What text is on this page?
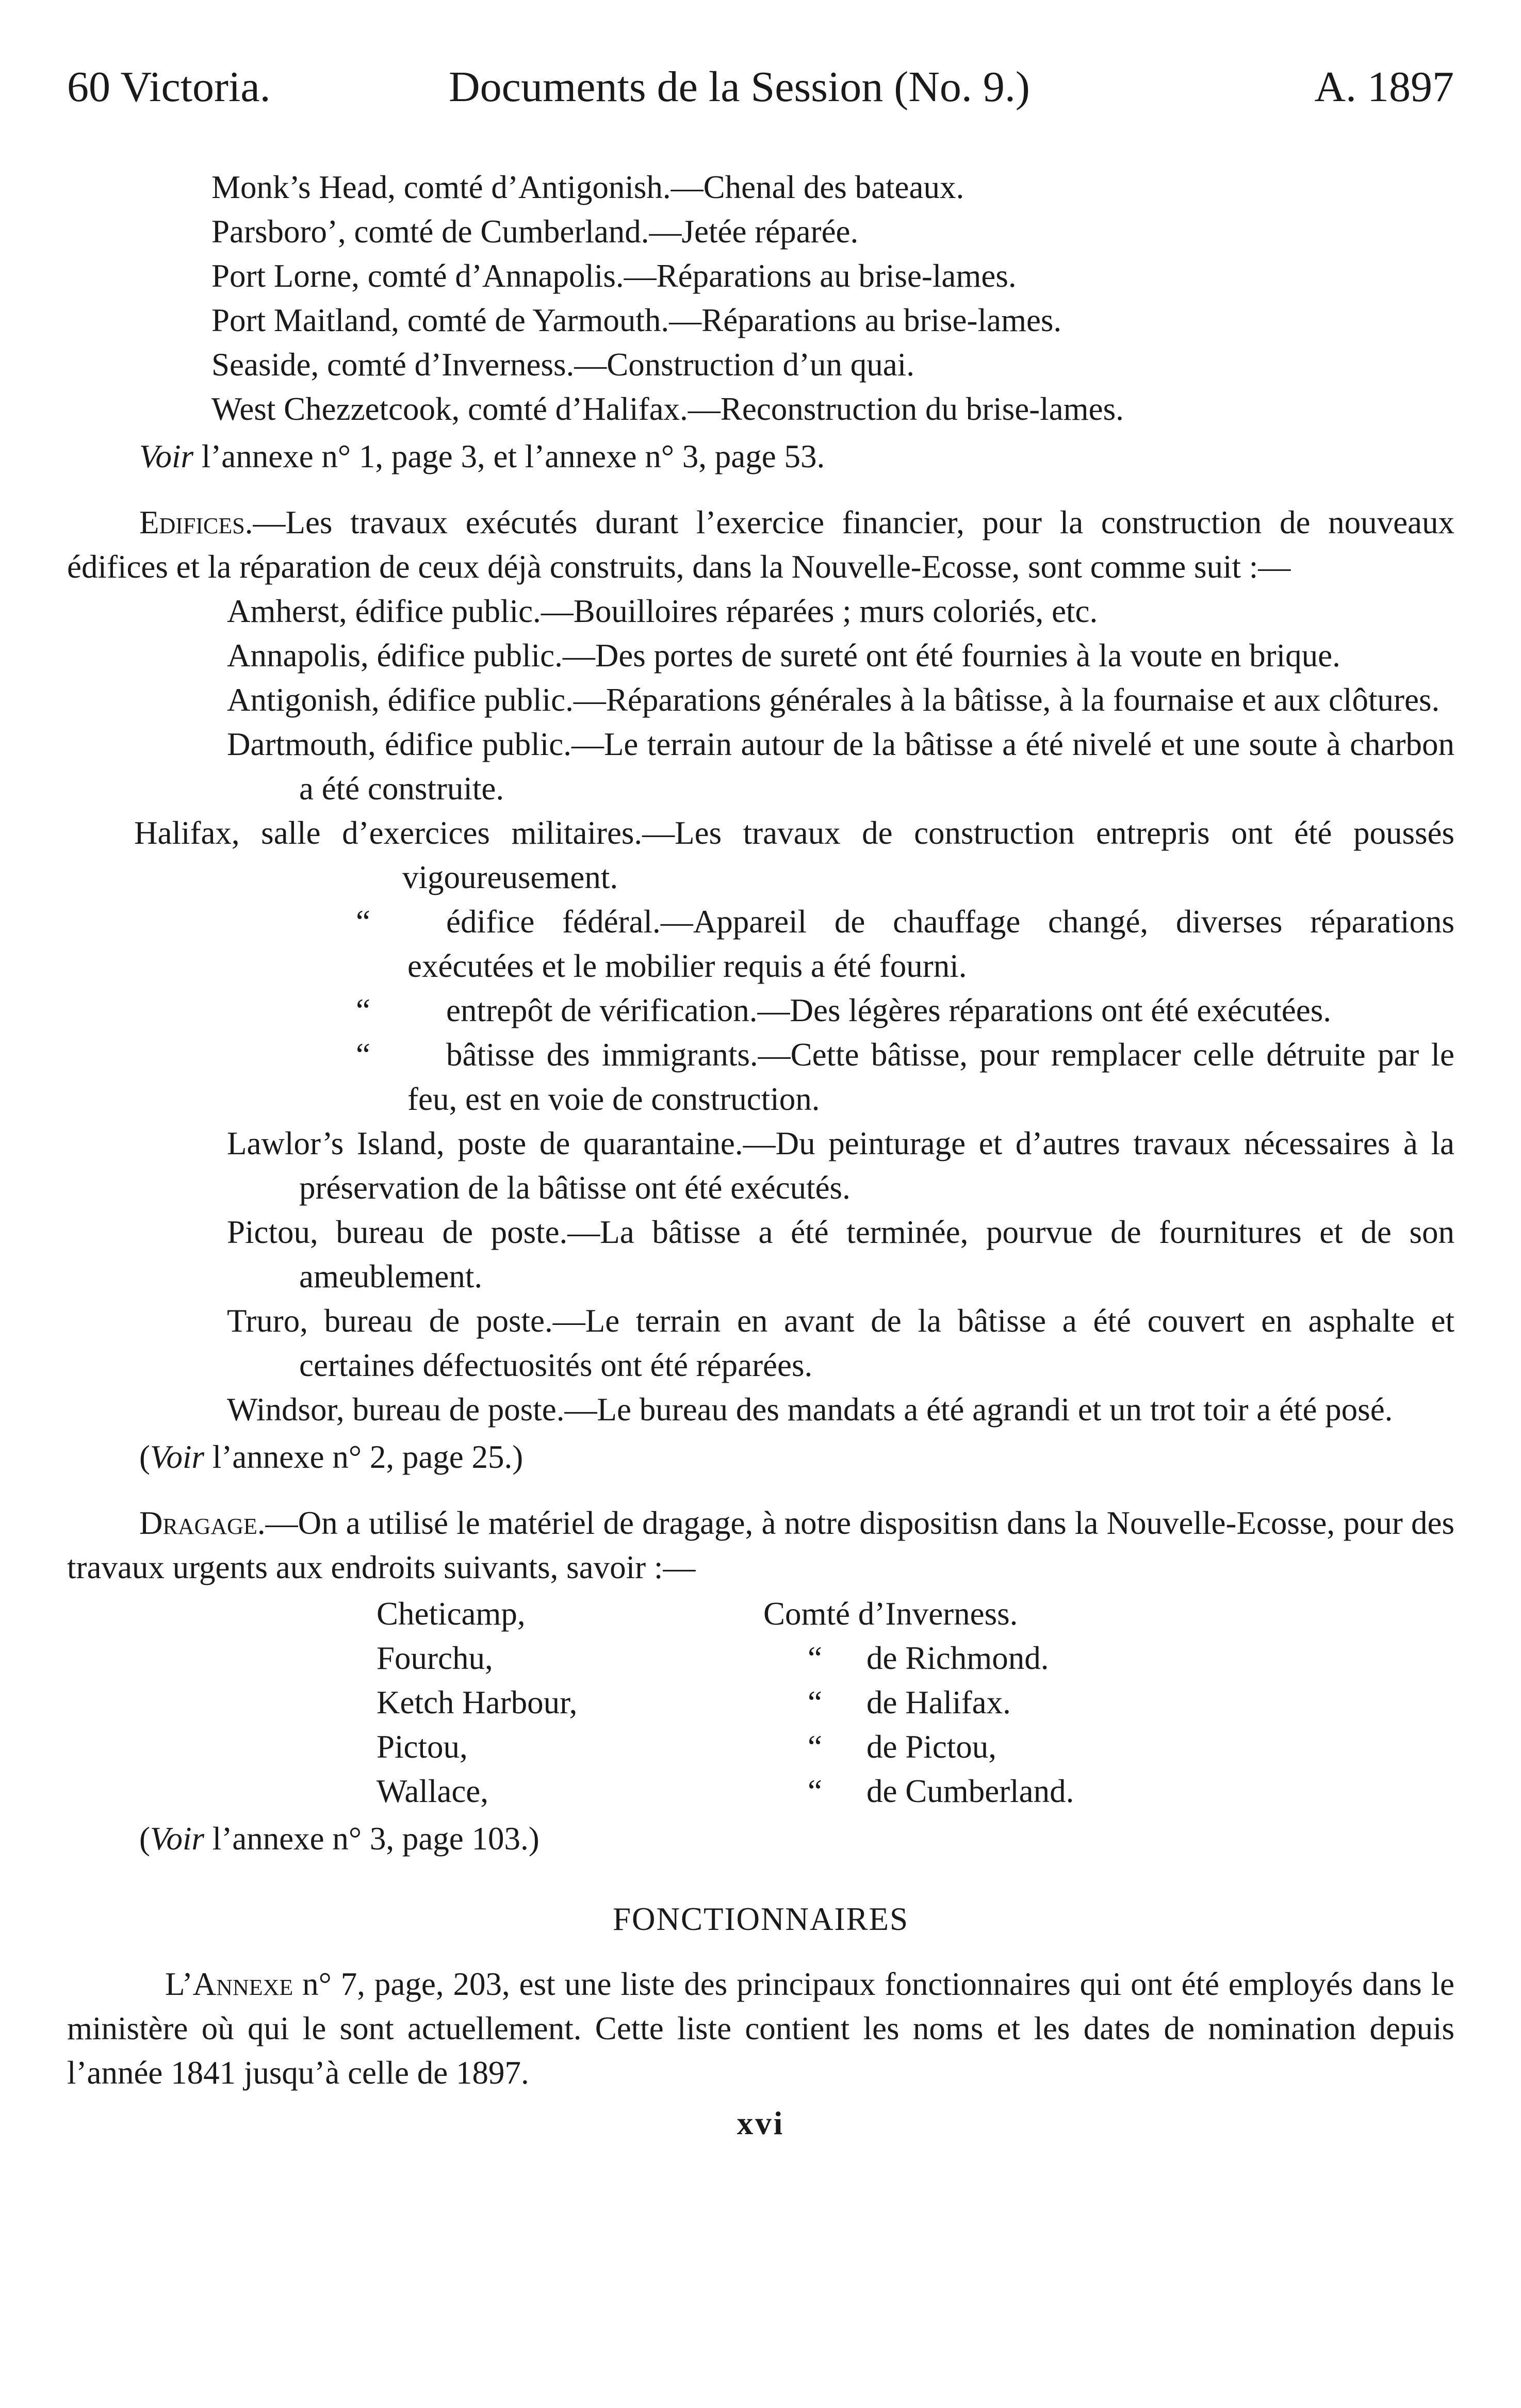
60 Victoria.	Documents de la Session (No. 9.)	A. 1897

Monk’s Head, comté d’Antigonish.—Chenal des bateaux.

Parsboro’, comté de Cumberland.—Jetée réparée.

Port Lorne, comté d’Annapolis.—Réparations au brise-lames.

Port Maitland, comté de Yarmouth.—Réparations au brise-lames.

Seaside, comté d’Inverness.—Construction d’un quai.

West Chezzetcook, comté d’Halifax.—Reconstruction du brise-lames.

Voir l’annexe n° 1, page 3, et l’annexe n° 3, page 53.

Edifices.—Les travaux exécutés durant l’exercice financier, pour la construction de nouveaux édifices et la réparation de ceux déjà construits, dans la Nouvelle-Ecosse, sont comme suit :—

Amherst, édifice public.—Bouilloires réparées ; murs coloriés, etc.

Annapolis, édifice public.—Des portes de sureté ont été fournies à la voute en brique.

Antigonish, édifice public.—Réparations générales à la bâtisse, à la fournaise et aux clôtures.

Dartmouth, édifice public.—Le terrain autour de la bâtisse a été nivelé et une soute à charbon a été construite.

Halifax, salle d’exercices militaires.—Les travaux de construction entrepris ont été poussés vigoureusement.

“ édifice fédéral.—Appareil de chauffage changé, diverses réparations exécutées et le mobilier requis a été fourni.

“ entrepôt de vérification.—Des légères réparations ont été exécutées.

“ bâtisse des immigrants.—Cette bâtisse, pour remplacer celle détruite par le feu, est en voie de construction.

Lawlor’s Island, poste de quarantaine.—Du peinturage et d’autres travaux nécessaires à la préservation de la bâtisse ont été exécutés.

Pictou, bureau de poste.—La bâtisse a été terminée, pourvue de fournitures et de son ameublement.

Truro, bureau de poste.—Le terrain en avant de la bâtisse a été couvert en asphalte et certaines défectuosités ont été réparées.

Windsor, bureau de poste.—Le bureau des mandats a été agrandi et un trot toir a été posé.

(Voir l’annexe n° 2, page 25.)

Dragage.—On a utilisé le matériel de dragage, à notre dispositisn dans la Nouvelle-Ecosse, pour des travaux urgents aux endroits suivants, savoir :—

Cheticamp,	Comté d’Inverness.	
Fourchu,	“	de Richmond.
Ketch Harbour,	“	de Halifax.
Pictou,	“	de Pictou,
Wallace,	“	de Cumberland.

(Voir l’annexe n° 3, page 103.)

FONCTIONNAIRES

L’Annexe n° 7, page, 203, est une liste des principaux fonctionnaires qui ont été employés dans le ministère où qui le sont actuellement. Cette liste contient les noms et les dates de nomination depuis l’année 1841 jusqu’à celle de 1897.

xvi
